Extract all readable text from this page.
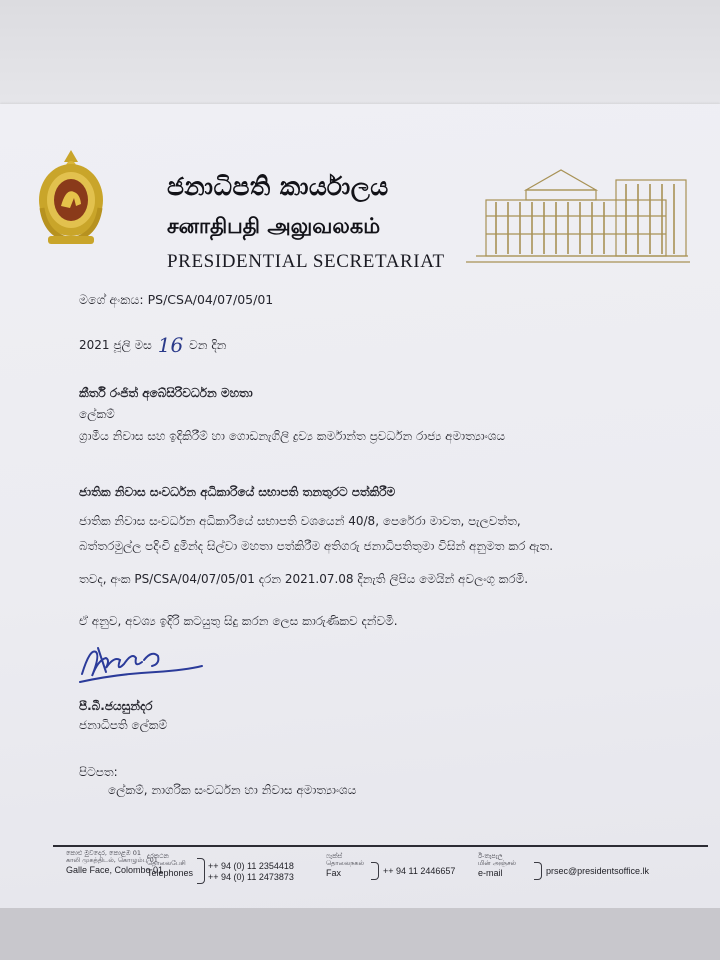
ජනාධිපති කාර්යාලය
சனாதிபதி அலுவலகம்
PRESIDENTIAL SECRETARIAT
මගේ අංකය: PS/CSA/04/07/05/01
2021 ජූලි මස 16 වන දින
කීර්ති රංජිත් අබේසිරිවර්ධන මහතා
ලේකම්
ග්‍රාමීය නිවාස සහ ඉදිකිරීම් හා ගොඩනැගිලි ද්‍රව්‍ය කර්මාන්ත ප්‍රවර්ධන රාජ්‍ය අමාත්‍යාංශය
ජාතික නිවාස සංවර්ධන අධිකාරියේ සභාපති තනතුරට පත්කිරීම
ජාතික නිවාස සංවර්ධන අධිකාරියේ සභාපති වශයෙන් 40/8, පෙරේරා මාවත, පැලවත්ත,
බත්තරමුල්ල පදිංචි දුමින්ද සිල්වා මහතා පත්කිරීම අතිගරු ජනාධිපතිතුමා විසින් අනුමත කර ඇත.
තවද, අංක PS/CSA/04/07/05/01 දරන 2021.07.08 දිනැති ලිපිය මෙයින් අවලංගු කරමි.
ඒ අනුව, අවශ්‍ය ඉදිරි කටයුතු සිදු කරන ලෙස කාරුණිකව දන්වමි.
පී.බී.ජයසුන්දර
ජනාධිපති ලේකම්
පිටපත:
ලේකම්, නාගරික සංවර්ධන හා නිවාස අමාත්‍යාංශය
කොළු මුවදොර, කොළඹ 01
காலி முகத்திடல், கொழும்பு 01
Galle Face, Colombo 01
දුරකථන
தொலைபேசி
Telephones
++ 94 (0) 11 2354418
++ 94 (0) 11 2473873
ෆැක්ස්
தொலைநகல்
Fax	++ 94 11 2446657
ඊ-තැපැල
மின் அஞ்சல்
e-mail	prsec@presidentsoffice.lk
